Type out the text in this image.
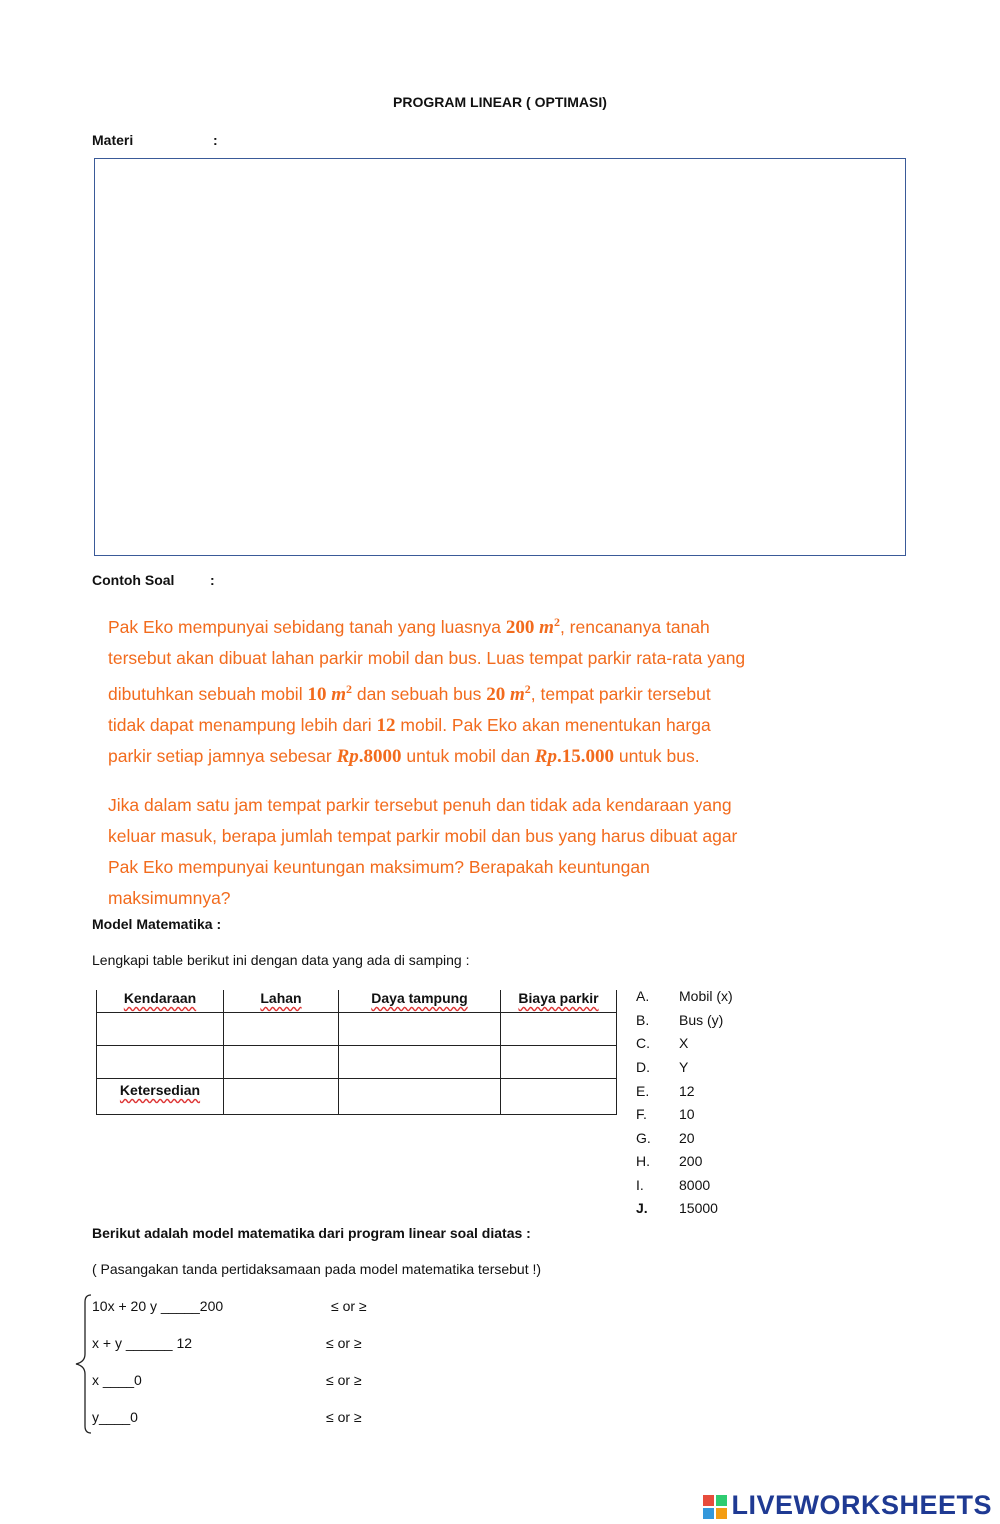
PROGRAM LINEAR ( OPTIMASI)
Materi	:
Contoh Soal	:

Pak Eko mempunyai sebidang tanah yang luasnya 200 $m^2$, rencananya tanah

tersebut akan dibuat lahan parkir mobil dan bus. Luas tempat parkir rata-rata yang

dibutuhkan sebuah mobil 10 $m^2$ dan sebuah bus 20 $m^2$, tempat parkir tersebut

tidak dapat menampung lebih dari 12 mobil. Pak Eko akan menentukan harga

parkir setiap jamnya sebesar Rp.8000 untuk mobil dan Rp.15.000 untuk bus.

Jika dalam satu jam tempat parkir tersebut penuh dan tidak ada kendaraan yang

keluar masuk, berapa jumlah tempat parkir mobil dan bus yang harus dibuat agar

Pak Eko mempunyai keuntungan maksimum? Berapakah keuntungan

maksimumnya?

Model Matematika :
Lengkapi table berikut ini dengan data yang ada di samping :
Kendaraan	Lahan	Daya tampung	Biaya parkir

Ketersedian			
A. Mobil (x)
B. Bus (y)
C. X
D. Y
E. 12
F. 10
G. 20
H. 200
I.	8000
J. 15000
Berikut adalah model matematika dari program linear soal diatas :
( Pasangakan tanda pertidaksamaan pada model matematika tersebut !)
10x + 20 y _____200	≤ or ≥
x + y ______ 12	≤ or ≥
x ____0	≤ or ≥
y____0	≤ or ≥
LIVEWORKSHEETS
